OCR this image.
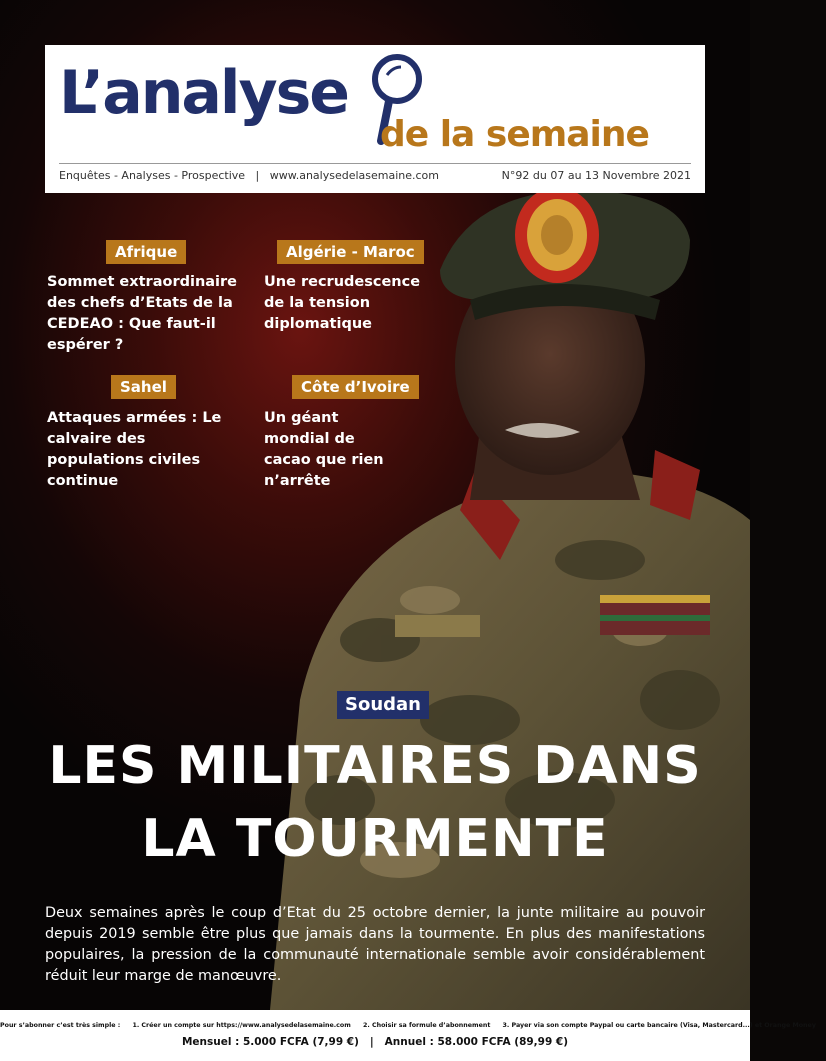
L’analyse
de la semaine
Enquêtes - Analyses - Prospective   |   www.analysedelasemaine.com	N°92 du 07 au 13 Novembre 2021
Afrique
Sommet extraordinaire des chefs d’Etats de la CEDEAO : Que faut-il espérer ?
Algérie - Maroc
Une recrudescence de la tension diplomatique
Sahel
Attaques armées : Le calvaire des populations civiles continue
Côte d’Ivoire
Un géant mondial de cacao que rien n’arrête
Soudan
LES MILITAIRES DANS
LA TOURMENTE
Deux semaines après le coup d’Etat du 25 octobre dernier, la junte militaire au pouvoir depuis 2019 semble être plus que jamais dans la tourmente. En plus des manifestations populaires, la pression de la communauté internationale semble avoir considérablement réduit leur marge de manœuvre.
Pour s’abonner c’est très simple : 1. Créer un compte sur https://www.analysedelasemaine.com 2. Choisir sa formule d’abonnement 3. Payer via son compte Paypal ou carte bancaire (Visa, Mastercard...) et Orange Money
Mensuel : 5.000 FCFA (7,99 €)   |   Annuel : 58.000 FCFA (89,99 €)
